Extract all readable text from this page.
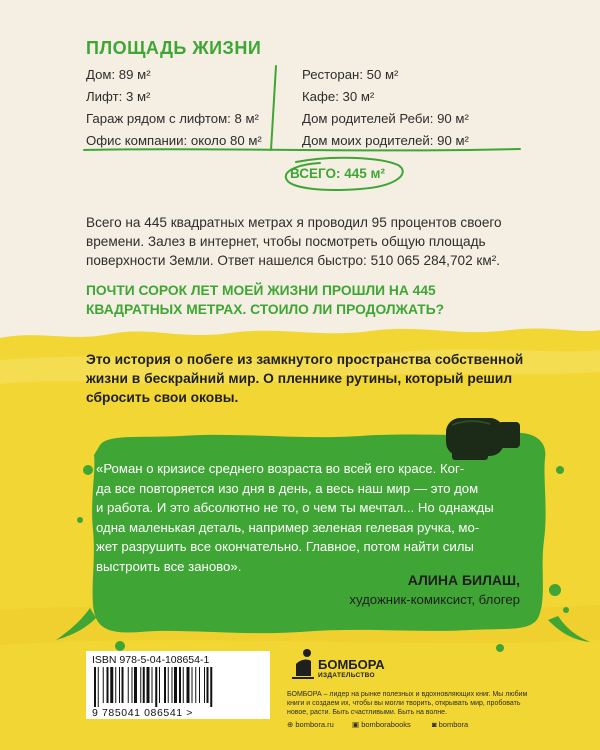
ПЛОЩАДЬ ЖИЗНИ
Дом: 89 м²
Лифт: 3 м²
Гараж рядом с лифтом: 8 м²
Офис компании: около 80 м²
Ресторан: 50 м²
Кафе: 30 м²
Дом родителей Реби: 90 м²
Дом моих родителей: 90 м²
ВСЕГО: 445 м²
Всего на 445 квадратных метрах я проводил 95 процентов своего времени. Залез в интернет, чтобы посмотреть общую площадь поверхности Земли. Ответ нашелся быстро: 510 065 284,702 км².
ПОЧТИ СОРОК ЛЕТ МОЕЙ ЖИЗНИ ПРОШЛИ НА 445 КВАДРАТНЫХ МЕТРАХ. СТОИЛО ЛИ ПРОДОЛЖАТЬ?
Это история о побеге из замкнутого пространства собственной жизни в бескрайний мир. О пленнике рутины, который решил сбросить свои оковы.
«Роман о кризисе среднего возраста во всей его красе. Ког-
да все повторяется изо дня в день, а весь наш мир — это дом
и работа. И это абсолютно не то, о чем ты мечтал... Но однажды
одна маленькая деталь, например зеленая гелевая ручка, мо-
жет разрушить все окончательно. Главное, потом найти силы
выстроить все заново».
АЛИНА БИЛАШ,
художник-комиксист, блогер
ISBN 978-5-04-108654-1
9 785041 086541 >
БОМБОРА
ИЗДАТЕЛЬСТВО
БОМБОРА – лидер на рынке полезных и вдохновляющих книг. Мы любим книги и создаем их, чтобы вы могли творить, открывать мир, пробовать новое, расти. Быть счастливыми. Быть на волне.
⊕ bombora.ru ▣ bomborabooks	◙ bombora
